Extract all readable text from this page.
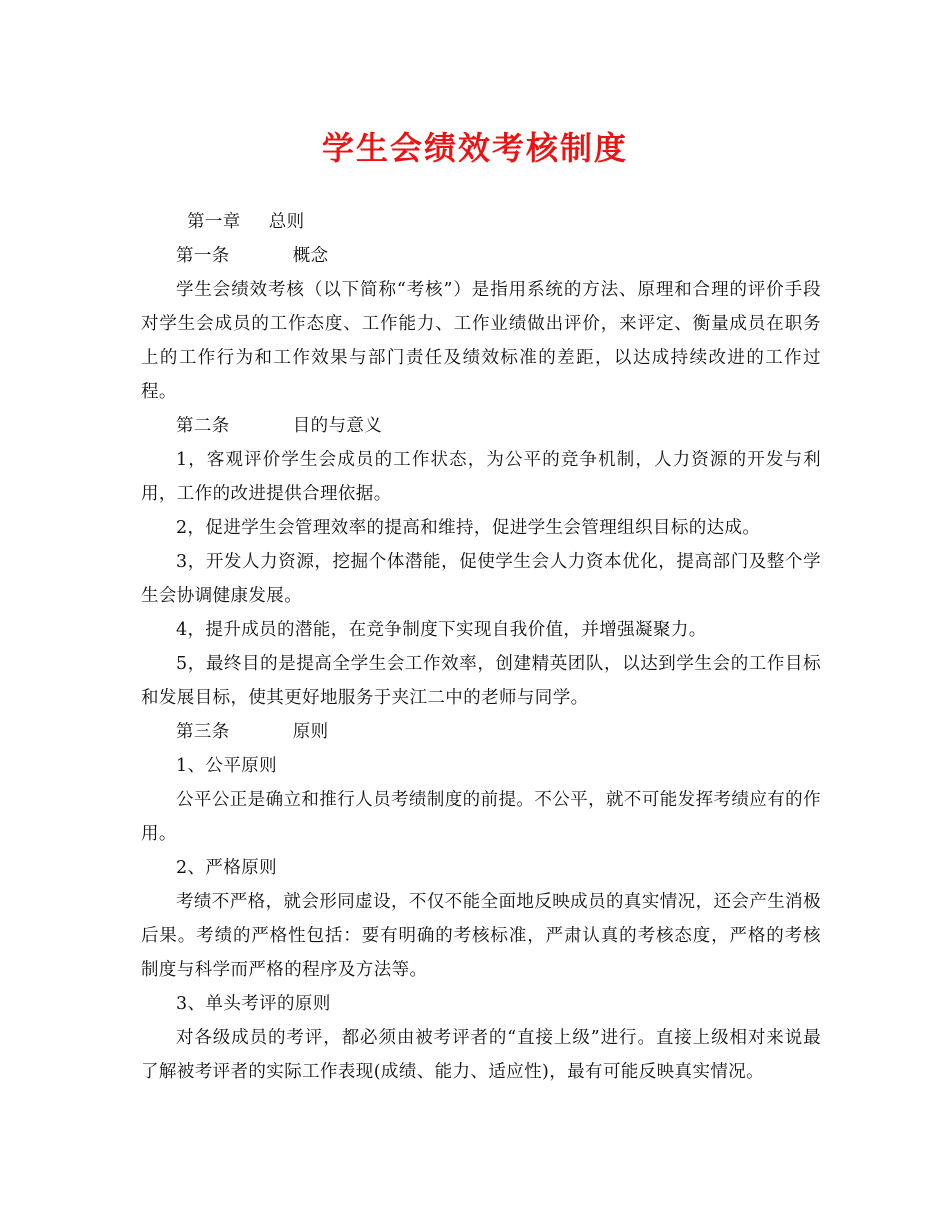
学生会绩效考核制度

第一章 总则

第一条	概念

学生会绩效考核（以下简称“考核”）是指用系统的方法、原理和合理的评价手段对学生会成员的工作态度、工作能力、工作业绩做出评价，来评定、衡量成员在职务上的工作行为和工作效果与部门责任及绩效标准的差距，以达成持续改进的工作过程。

第二条	目的与意义

1，客观评价学生会成员的工作状态，为公平的竞争机制，人力资源的开发与利用，工作的改进提供合理依据。

2，促进学生会管理效率的提高和维持，促进学生会管理组织目标的达成。

3，开发人力资源，挖掘个体潜能，促使学生会人力资本优化，提高部门及整个学生会协调健康发展。

4，提升成员的潜能，在竞争制度下实现自我价值，并增强凝聚力。

5，最终目的是提高全学生会工作效率，创建精英团队，以达到学生会的工作目标和发展目标，使其更好地服务于夹江二中的老师与同学。

第三条	原则

1、公平原则

公平公正是确立和推行人员考绩制度的前提。不公平，就不可能发挥考绩应有的作用。

2、严格原则

考绩不严格，就会形同虚设，不仅不能全面地反映成员的真实情况，还会产生消极后果。考绩的严格性包括：要有明确的考核标准，严肃认真的考核态度，严格的考核制度与科学而严格的程序及方法等。

3、单头考评的原则

对各级成员的考评，都必须由被考评者的“直接上级”进行。直接上级相对来说最了解被考评者的实际工作表现(成绩、能力、适应性)，最有可能反映真实情况。
